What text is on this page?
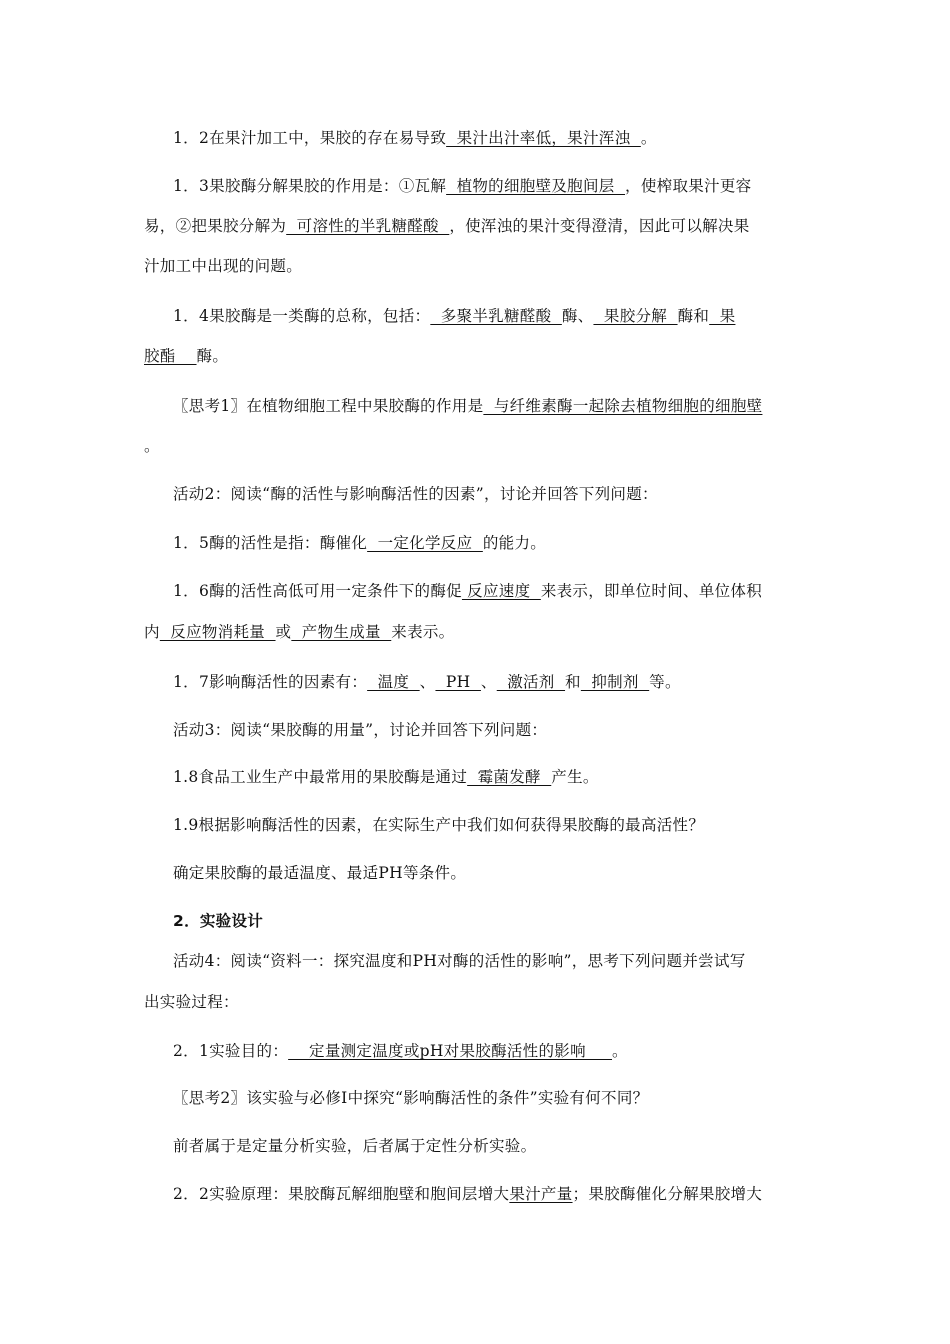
1．2在果汁加工中，果胶的存在易导致  果汁出汁率低，果汁浑浊  。

1．3果胶酶分解果胶的作用是：①瓦解  植物的细胞壁及胞间层  ，使榨取果汁更容

易，②把果胶分解为  可溶性的半乳糖醛酸  ，使浑浊的果汁变得澄清，因此可以解决果

汁加工中出现的问题。

1．4果胶酶是一类酶的总称，包括：  多聚半乳糖醛酸  酶、  果胶分解  酶和  果

胶酯    酶。

〖思考1〗在植物细胞工程中果胶酶的作用是  与纤维素酶一起除去植物细胞的细胞壁

。

活动2：阅读“酶的活性与影响酶活性的因素”，讨论并回答下列问题：

1．5酶的活性是指：酶催化  一定化学反应  的能力。

1．6酶的活性高低可用一定条件下的酶促 反应速度  来表示，即单位时间、单位体积

内  反应物消耗量  或  产物生成量  来表示。

1．7影响酶活性的因素有：  温度  、  PH  、  激活剂  和  抑制剂  等。

活动3：阅读“果胶酶的用量”，讨论并回答下列问题：

1.8食品工业生产中最常用的果胶酶是通过  霉菌发酵  产生。

1.9根据影响酶活性的因素，在实际生产中我们如何获得果胶酶的最高活性？

确定果胶酶的最适温度、最适PH等条件。

2．实验设计

活动4：阅读“资料一：探究温度和PH对酶的活性的影响”，思考下列问题并尝试写

出实验过程：

2．1实验目的：    定量测定温度或pH对果胶酶活性的影响     。

〖思考2〗该实验与必修Ⅰ中探究“影响酶活性的条件”实验有何不同？

前者属于是定量分析实验，后者属于定性分析实验。

2．2实验原理：果胶酶瓦解细胞壁和胞间层增大果汁产量；果胶酶催化分解果胶增大
